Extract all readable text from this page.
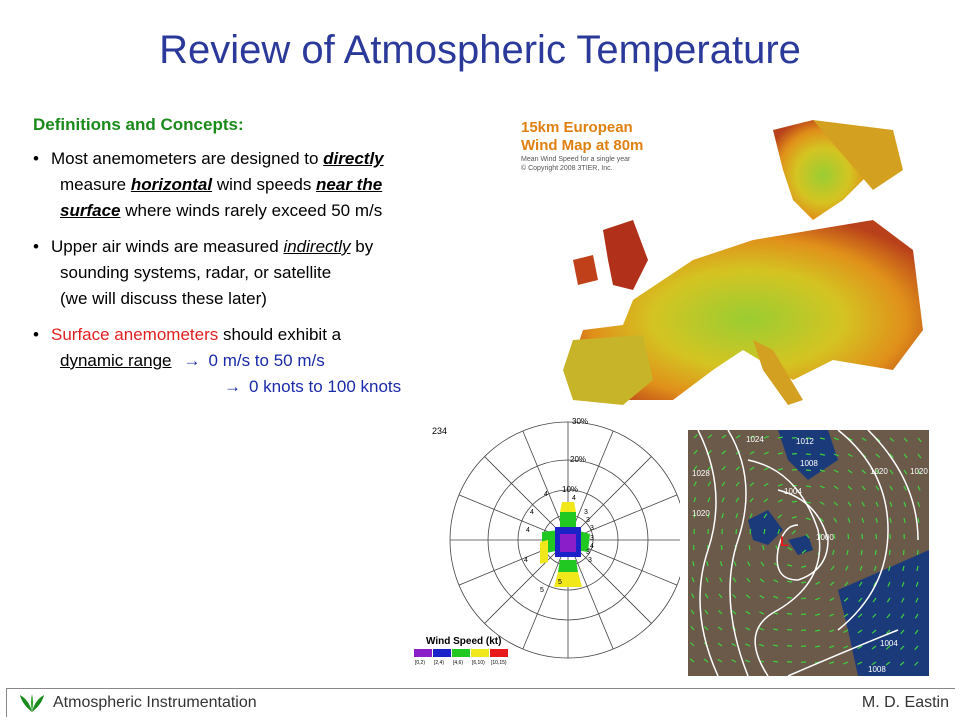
Review of Atmospheric Temperature
Definitions and Concepts:
• Most anemometers are designed to directly
measure horizontal wind speeds near the
surface where winds rarely exceed 50 m/s
• Upper air winds are measured indirectly by
sounding systems, radar, or satellite
(we will discuss these later)
• Surface anemometers should exhibit a
dynamic range → 0 m/s to 50 m/s
→ 0 knots to 100 knots
15km European
Wind Map at 80m
Mean Wind Speed for a single year
© Copyright 2008 3TIER, Inc.
234
30%
20%
10%
4
4
3
3
3
3
4
4
4
5
5
4
3
3
Wind Speed (kt)
[0,2) [2,4) [4,6) [6,10) [10,15)
1024	1012
1020
1028
1008
1020
1004
1020
1000
1004
1008
L
Atmospheric Instrumentation	M. D. Eastin
